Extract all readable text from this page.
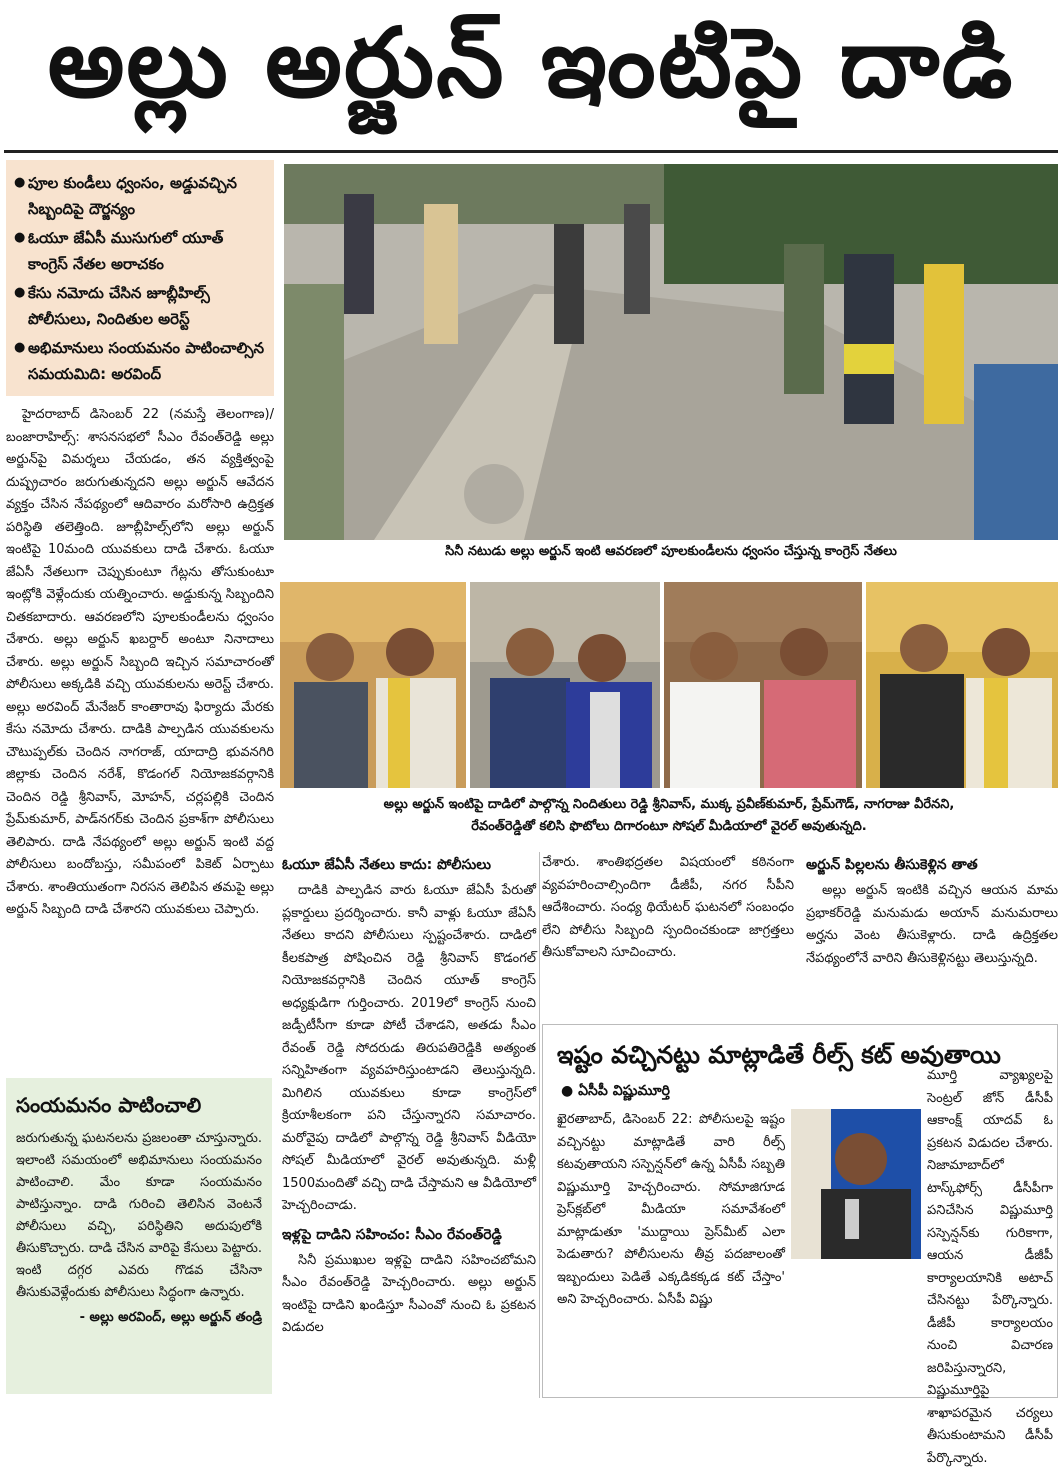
అల్లు అర్జున్ ఇంటిపై దాడి
● పూల కుండీలు ధ్వంసం, అడ్డువచ్చిన సిబ్బందిపై దౌర్జన్యం
● ఓయూ జేఏసీ ముసుగులో యూత్ కాంగ్రెస్ నేతల అరాచకం
● కేసు నమోదు చేసిన జూబ్లీహిల్స్ పోలీసులు, నిందితుల అరెస్ట్
● అభిమానులు సంయమనం పాటించాల్సిన సమయమిది: అరవింద్
సినీ నటుడు అల్లు అర్జున్ ఇంటి ఆవరణలో పూలకుండీలను ధ్వంసం చేస్తున్న కాంగ్రెస్ నేతలు

హైదరాబాద్ డిసెంబర్ 22 (నమస్తే తెలంగాణ)/బంజారాహిల్స్: శాసనసభలో సీఎం రేవంత్‌రెడ్డి అల్లు అర్జున్‌పై విమర్శలు చేయడం, తన వ్యక్తిత్వంపై దుష్ప్రచారం జరుగుతున్నదని అల్లు అర్జున్ ఆవేదన వ్యక్తం చేసిన నేపథ్యంలో ఆదివారం మరోసారి ఉద్రిక్తత పరిస్థితి తలెత్తింది. జూబ్లీహిల్స్‌లోని అల్లు అర్జున్ ఇంటిపై 10మంది యువకులు దాడి చేశారు. ఓయూ జేఏసీ నేతలుగా చెప్పుకుంటూ గేట్లను తోసుకుంటూ ఇంట్లోకి వెళ్లేందుకు యత్నించారు. అడ్డుకున్న సిబ్బందిని చితకబాదారు. ఆవరణలోని పూలకుండీలను ధ్వంసం చేశారు. అల్లు అర్జున్ ఖబర్దార్ అంటూ నినాదాలు చేశారు. అల్లు అర్జున్ సిబ్బంది ఇచ్చిన సమాచారంతో పోలీసులు అక్కడికి వచ్చి యువకులను అరెస్ట్ చేశారు. అల్లు అరవింద్ మేనేజర్ కాంతారావు ఫిర్యాదు మేరకు కేసు నమోదు చేశారు. దాడికి పాల్పడిన యువకులను చౌటుప్పల్‌కు చెందిన నాగరాజ్, యాదాద్రి భువనగిరి జిల్లాకు చెందిన నరేశ్, కొడంగల్ నియోజకవర్గానికి చెందిన రెడ్డి శ్రీనివాస్, మోహన్, చర్లపల్లికి చెందిన ప్రేమ్‌కుమార్, పాడ్‌నగర్‌కు చెందిన ప్రకాశ్‌గా పోలీసులు తెలిపారు. దాడి నేపథ్యంలో అల్లు అర్జున్ ఇంటి వద్ద పోలీసులు బందోబస్తు, సమీపంలో పికెట్ ఏర్పాటు చేశారు. శాంతియుతంగా నిరసన తెలిపిన తమపై అల్లు అర్జున్ సిబ్బంది దాడి చేశారని యువకులు చెప్పారు.

అల్లు అర్జున్ ఇంటిపై దాడిలో పాల్గొన్న నిందితులు రెడ్డి శ్రీనివాస్, ముక్క ప్రవీణ్‌కుమార్, ప్రేమ్‌గౌడ్, నాగరాజు వీరేనని,
రేవంత్‌రెడ్డితో కలిసి ఫొటోలు దిగారంటూ సోషల్ మీడియాలో వైరల్ అవుతున్నది.
సంయమనం పాటించాలి

జరుగుతున్న ఘటనలను ప్రజలంతా చూస్తున్నారు. ఇలాంటి సమయంలో అభిమానులు సంయమనం పాటించాలి. మేం కూడా సంయమనం పాటిస్తున్నాం. దాడి గురించి తెలిసిన వెంటనే పోలీసులు వచ్చి, పరిస్థితిని అదుపులోకి తీసుకొచ్చారు. దాడి చేసిన వారిపై కేసులు పెట్టారు. ఇంటి దగ్గర ఎవరు గొడవ చేసినా తీసుకువెళ్లేందుకు పోలీసులు సిద్ధంగా ఉన్నారు.

- అల్లు అరవింద్, అల్లు అర్జున్ తండ్రి

ఓయూ జేఏసీ నేతలు కాదు: పోలీసులు

దాడికి పాల్పడిన వారు ఓయూ జేఏసీ పేరుతో ప్లకార్డులు ప్రదర్శించారు. కానీ వాళ్లు ఓయూ జేఏసీ నేతలు కాదని పోలీసులు స్పష్టంచేశారు. దాడిలో కీలకపాత్ర పోషించిన రెడ్డి శ్రీనివాస్ కొడంగల్ నియోజకవర్గానికి చెందిన యూత్ కాంగ్రెస్ అధ్యక్షుడిగా గుర్తించారు. 2019లో కాంగ్రెస్ నుంచి జడ్పీటీసీగా కూడా పోటీ చేశాడని, అతడు సీఎం రేవంత్ రెడ్డి సోదరుడు తిరుపతిరెడ్డికి అత్యంత సన్నిహితంగా వ్యవహరిస్తుంటాడని తెలుస్తున్నది. మిగిలిన యువకులు కూడా కాంగ్రెస్‌లో క్రియాశీలకంగా పని చేస్తున్నారని సమాచారం. మరోవైపు దాడిలో పాల్గొన్న రెడ్డి శ్రీనివాస్ వీడియో సోషల్ మీడియాలో వైరల్ అవుతున్నది. మళ్లీ 1500మందితో వచ్చి దాడి చేస్తామని ఆ వీడియోలో హెచ్చరించాడు.

ఇళ్లపై దాడిని సహించం: సీఎం రేవంత్‌రెడ్డి

సినీ ప్రముఖుల ఇళ్లపై దాడిని సహించబోమని సీఎం రేవంత్‌రెడ్డి హెచ్చరించారు. అల్లు అర్జున్ ఇంటిపై దాడిని ఖండిస్తూ సీఎంవో నుంచి ఓ ప్రకటన విడుదల

చేశారు. శాంతిభద్రతల విషయంలో కఠినంగా వ్యవహరించాల్సిందిగా డీజీపీ, నగర సీపీని ఆదేశించారు. సంధ్య థియేటర్ ఘటనలో సంబంధం లేని పోలీసు సిబ్బంది స్పందించకుండా జాగ్రత్తలు తీసుకోవాలని సూచించారు.

అర్జున్ పిల్లలను తీసుకెళ్లిన తాత

అల్లు అర్జున్ ఇంటికి వచ్చిన ఆయన మామ ప్రభాకర్‌రెడ్డి మనుమడు అయాన్ మనుమరాలు అర్హను వెంట తీసుకెళ్లారు. దాడి ఉద్రిక్తతల నేపథ్యంలోనే వారిని తీసుకెళ్లినట్టు తెలుస్తున్నది.

ఇష్టం వచ్చినట్టు మాట్లాడితే రీల్స్ కట్ అవుతాయి
● ఏసీపీ విష్ణుమూర్తి

ఖైరతాబాద్, డిసెంబర్ 22: పోలీసులపై ఇష్టం వచ్చినట్టు మాట్లాడితే వారి రీల్స్ కటవుతాయని సస్పెన్షన్‌లో ఉన్న ఏసీపీ సబ్బతి విష్ణుమూర్తి హెచ్చరించారు. సోమాజిగూడ ప్రెస్‌క్లబ్‌లో మీడియా సమావేశంలో మాట్లాడుతూ 'ముద్దాయి ప్రెస్‌మీట్ ఎలా పెడుతారు? పోలీసులను తీవ్ర పదజాలంతో ఇబ్బందులు పెడితే ఎక్కడికక్కడ కట్ చేస్తాం' అని హెచ్చరించారు. ఏసీపీ విష్ణు

మూర్తి వ్యాఖ్యలపై సెంట్రల్ జోన్ డీసీపీ ఆకాంక్ష్ యాదవ్ ఓ ప్రకటన విడుదల చేశారు. నిజామాబాద్‌లో టాస్క్‌ఫోర్స్ డీసీపీగా పనిచేసిన విష్ణుమూర్తి సస్పెన్షన్‌కు గురికాగా, ఆయన డీజీపీ కార్యాలయానికి అటాచ్ చేసినట్టు పేర్కొన్నారు. డీజీపీ కార్యాలయం నుంచి విచారణ జరిపిస్తున్నారని, విష్ణుమూర్తిపై శాఖాపరమైన చర్యలు తీసుకుంటామని డీసీపీ పేర్కొన్నారు.
